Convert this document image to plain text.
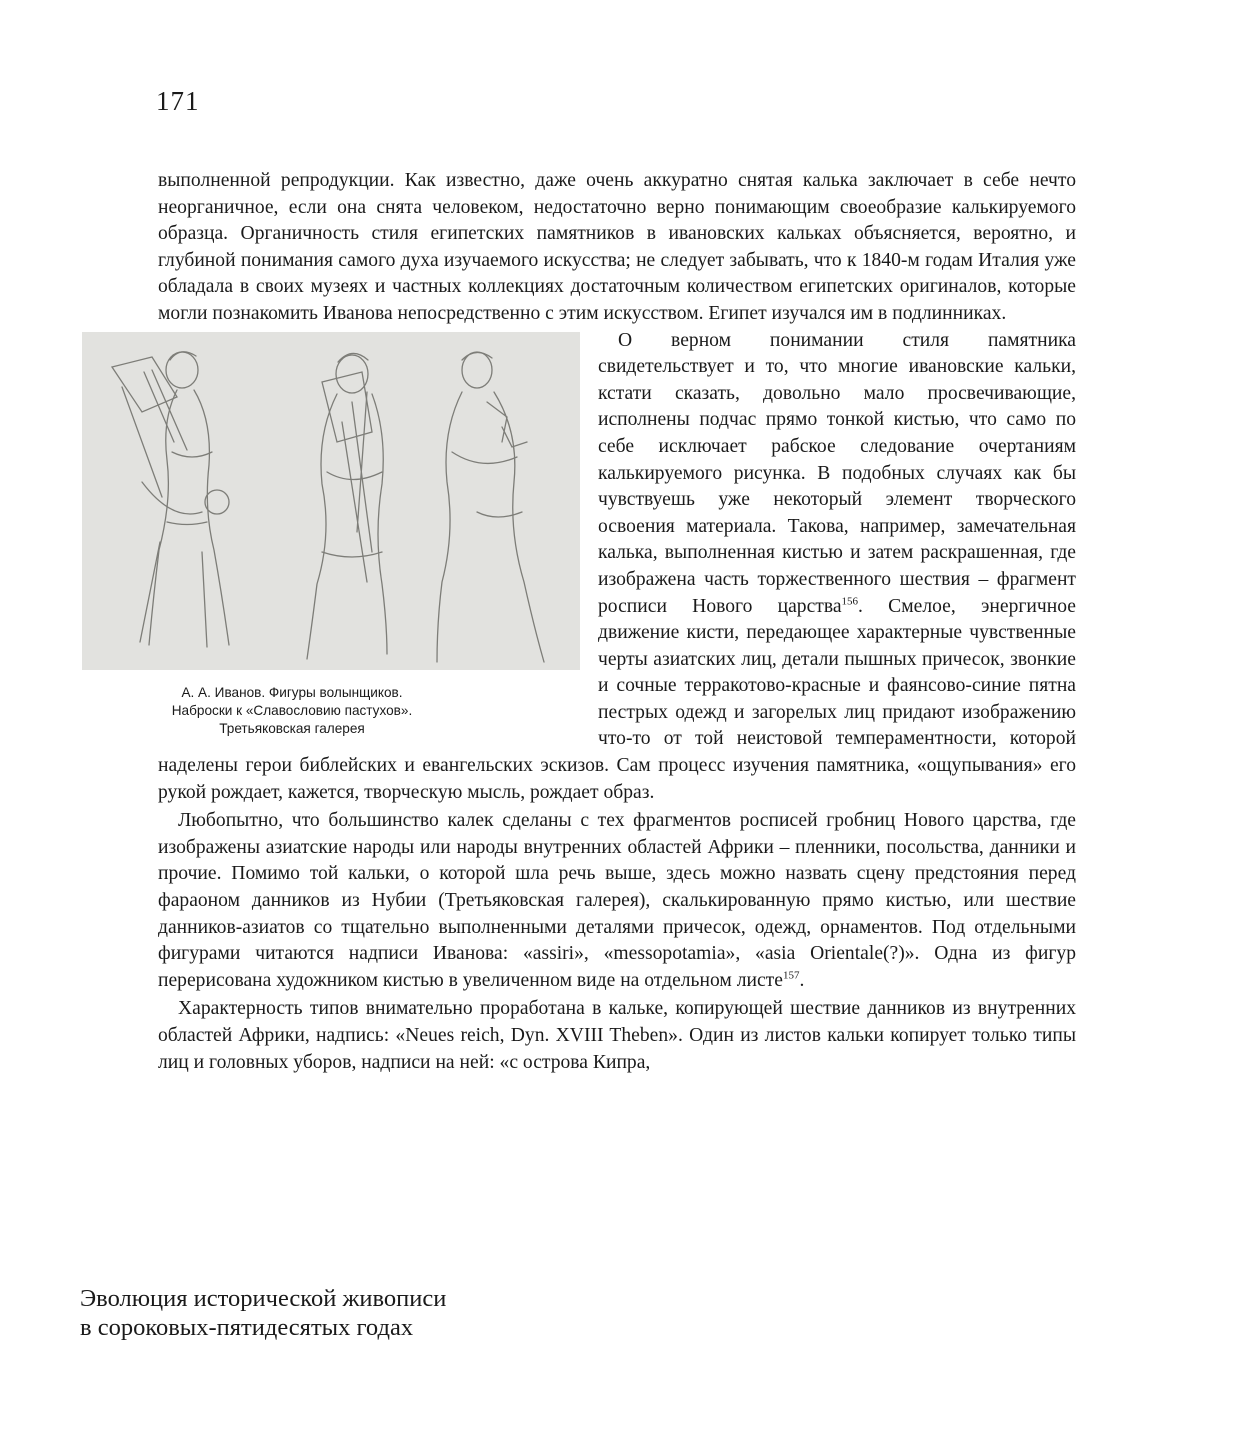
171

выполненной репродукции. Как известно, даже очень аккуратно снятая калька заключает в себе нечто неорганичное, если она снята человеком, недостаточно верно понимающим своеобразие калькируемого образца. Органичность стиля египетских памятников в ивановских кальках объясняется, вероятно, и глубиной понимания самого духа изучаемого искусства; не следует забывать, что к 1840-м годам Италия уже обладала в своих музеях и частных коллекциях достаточным количеством египетских оригиналов, которые могли познакомить Иванова непосредственно с этим искусством. Египет изучался им в подлинниках.

А. А. Иванов. Фигуры волынщиков.
Наброски к «Славословию пастухов».
Третьяковская галерея

О верном понимании стиля памятника свидетельствует и то, что многие ивановские кальки, кстати сказать, довольно мало просвечивающие, исполнены подчас прямо тонкой кистью, что само по себе исключает рабское следование очертаниям калькируемого рисунка. В подобных случаях как бы чувствуешь уже некоторый элемент творческого освоения материала. Такова, например, замечательная калька, выполненная кистью и затем раскрашенная, где изображена часть торжественного шествия – фрагмент росписи Нового царства$^{156}$. Смелое, энергичное движение кисти, передающее характерные чувственные черты азиатских лиц, детали пышных причесок, звонкие и сочные терракотово-красные и фаянсово-синие пятна пестрых одежд и загорелых лиц придают изображению что-то от той неистовой темпераментности, которой наделены герои библейских и евангельских эскизов. Сам процесс изучения памятника, «ощупывания» его рукой рождает, кажется, творческую мысль, рождает образ.

Любопытно, что большинство калек сделаны с тех фрагментов росписей гробниц Нового царства, где изображены азиатские народы или народы внутренних областей Африки – пленники, посольства, данники и прочие. Помимо той кальки, о которой шла речь выше, здесь можно назвать сцену предстояния перед фараоном данников из Нубии (Третьяковская галерея), скалькированную прямо кистью, или шествие данников-азиатов со тщательно выполненными деталями причесок, одежд, орнаментов. Под отдельными фигурами читаются надписи Иванова: «assiri», «messopotamia», «asia Orientale(?)». Одна из фигур перерисована художником кистью в увеличенном виде на отдельном листе$^{157}$.

Характерность типов внимательно проработана в кальке, копирующей шествие данников из внутренних областей Африки, надпись: «Neues reich, Dyn. XVIII Theben». Один из листов кальки копирует только типы лиц и головных уборов, надписи на ней: «с острова Кипра,

Эволюция исторической живописи
в сороковых-пятидесятых годах
